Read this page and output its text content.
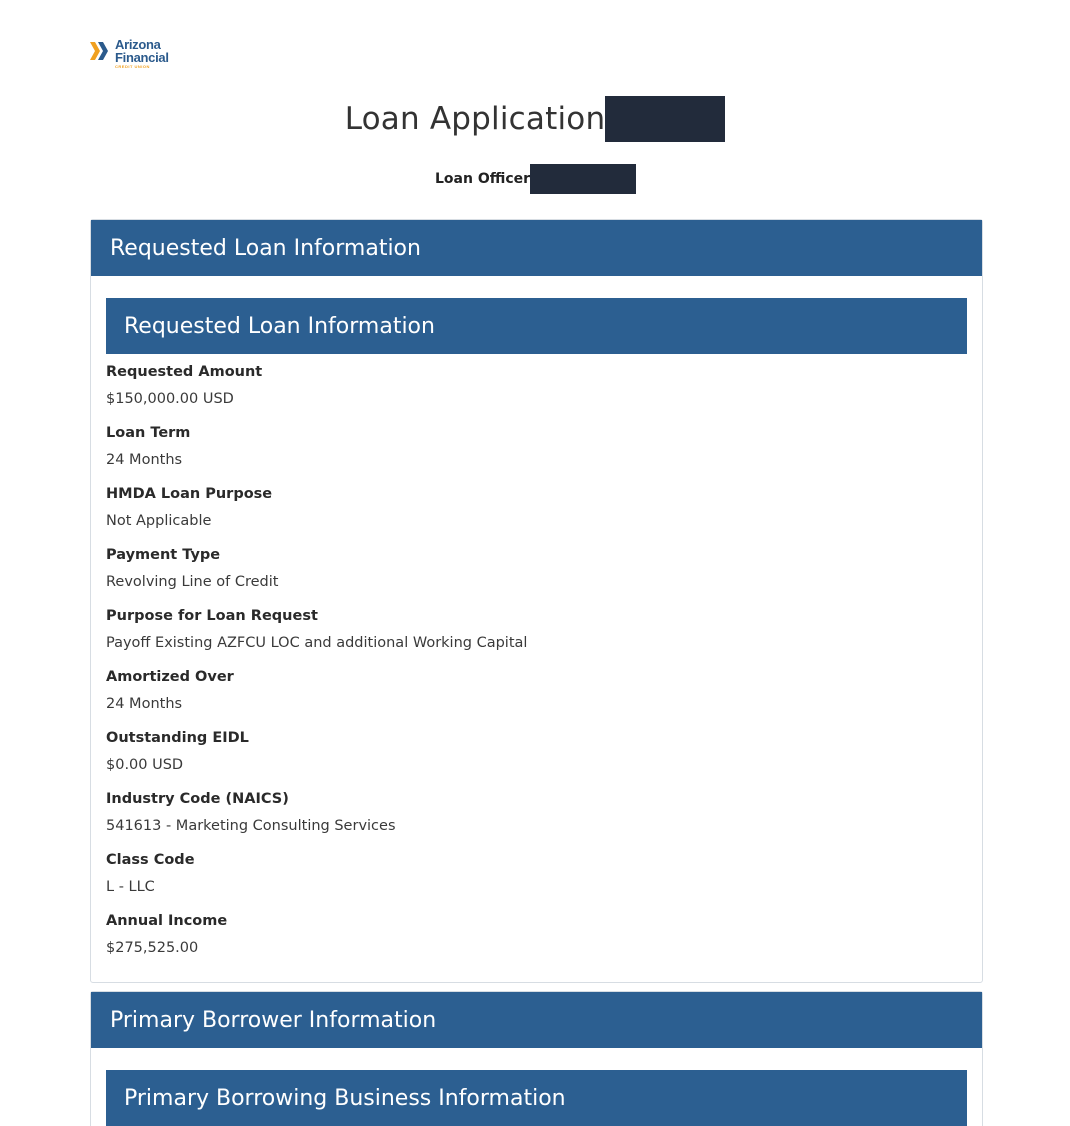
Arizona
Financial
CREDIT UNION
Loan Application
Loan Officer
Requested Loan Information
Requested Loan Information
Requested Amount
$150,000.00 USD
Loan Term
24 Months
HMDA Loan Purpose
Not Applicable
Payment Type
Revolving Line of Credit
Purpose for Loan Request
Payoff Existing AZFCU LOC and additional Working Capital
Amortized Over
24 Months
Outstanding EIDL
$0.00 USD
Industry Code (NAICS)
541613 - Marketing Consulting Services
Class Code
L - LLC
Annual Income
$275,525.00
Primary Borrower Information
Primary Borrowing Business Information
